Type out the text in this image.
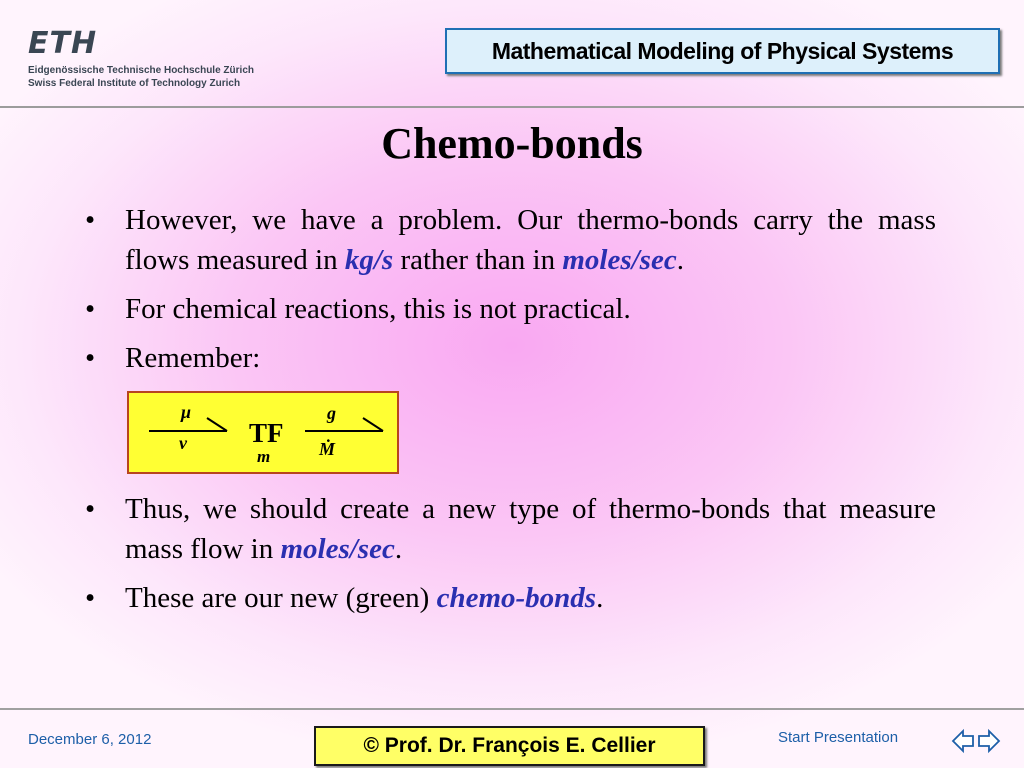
ETH
Eidgenössische Technische Hochschule Zürich
Swiss Federal Institute of Technology Zurich
Mathematical Modeling of Physical Systems
Chemo-bonds
• However, we have a problem. Our thermo-bonds carry the mass flows measured in kg/s rather than in moles/sec.
• For chemical reactions, this is not practical.
• Remember:
μ
ν TF
m
g
Ṁ
• Thus, we should create a new type of thermo-bonds that measure mass flow in moles/sec.
• These are our new (green) chemo-bonds.
December 6, 2012	© Prof. Dr. François E. Cellier	Start Presentation
